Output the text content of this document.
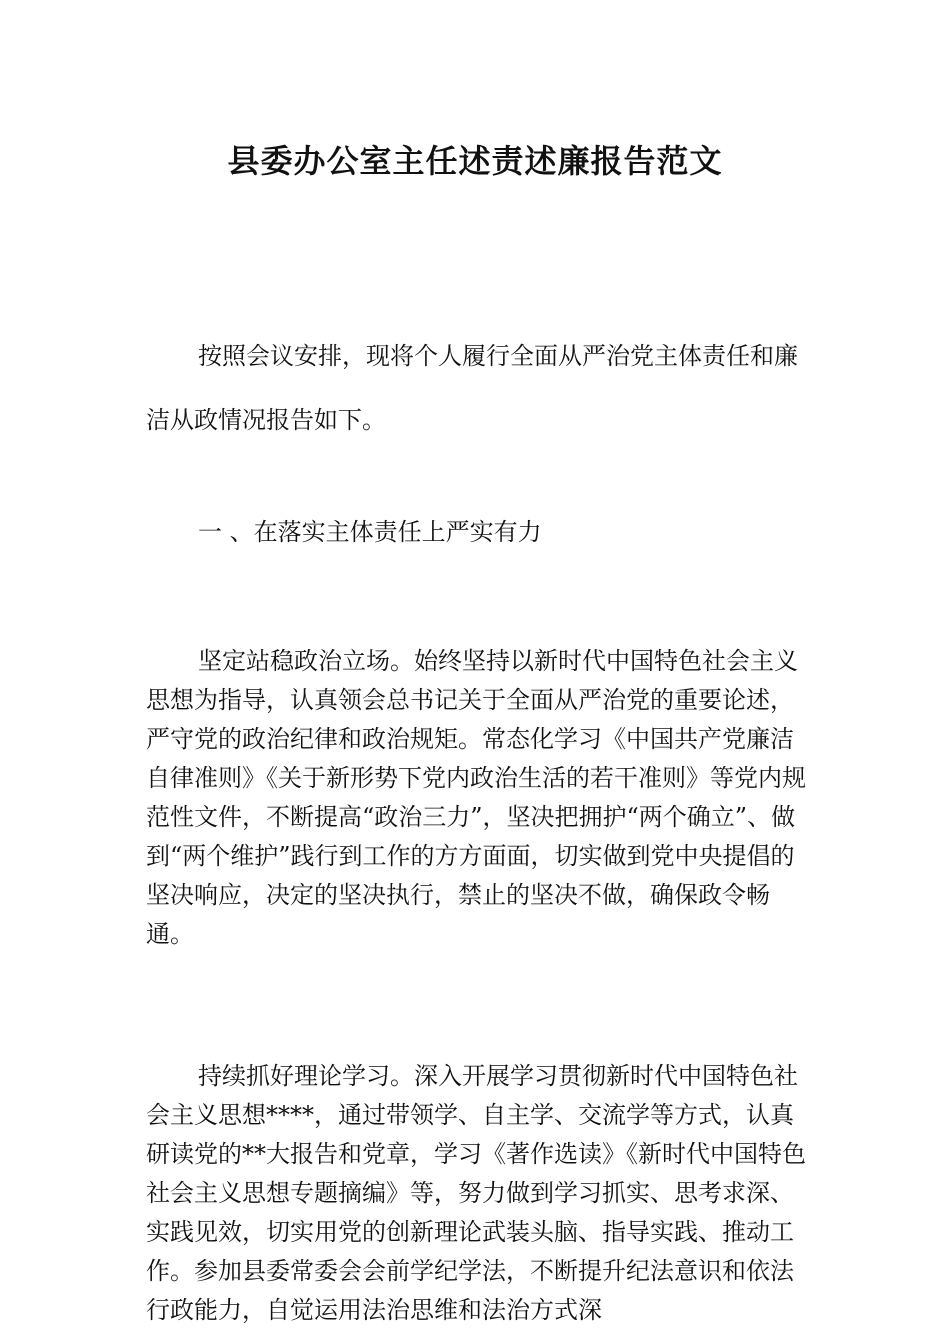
县委办公室主任述责述廉报告范文

按照会议安排，现将个人履行全面从严治党主体责任和廉洁从政情况报告如下。

一 、在落实主体责任上严实有力

坚定站稳政治立场。始终坚持以新时代中国特色社会主义思想为指导，认真领会总书记关于全面从严治党的重要论述，严守党的政治纪律和政治规矩。常态化学习《中国共产党廉洁自律准则》《关于新形势下党内政治生活的若干准则》等党内规范性文件，不断提高“政治三力”，坚决把拥护“两个确立”、做到“两个维护”践行到工作的方方面面，切实做到党中央提倡的坚决响应，决定的坚决执行，禁止的坚决不做，确保政令畅通。

持续抓好理论学习。深入开展学习贯彻新时代中国特色社会主义思想****，通过带领学、自主学、交流学等方式，认真研读党的**大报告和党章，学习《著作选读》《新时代中国特色社会主义思想专题摘编》等，努力做到学习抓实、思考求深、实践见效，切实用党的创新理论武装头脑、指导实践、推动工作。参加县委常委会会前学纪学法，不断提升纪法意识和依法行政能力，自觉运用法治思维和法治方式深
